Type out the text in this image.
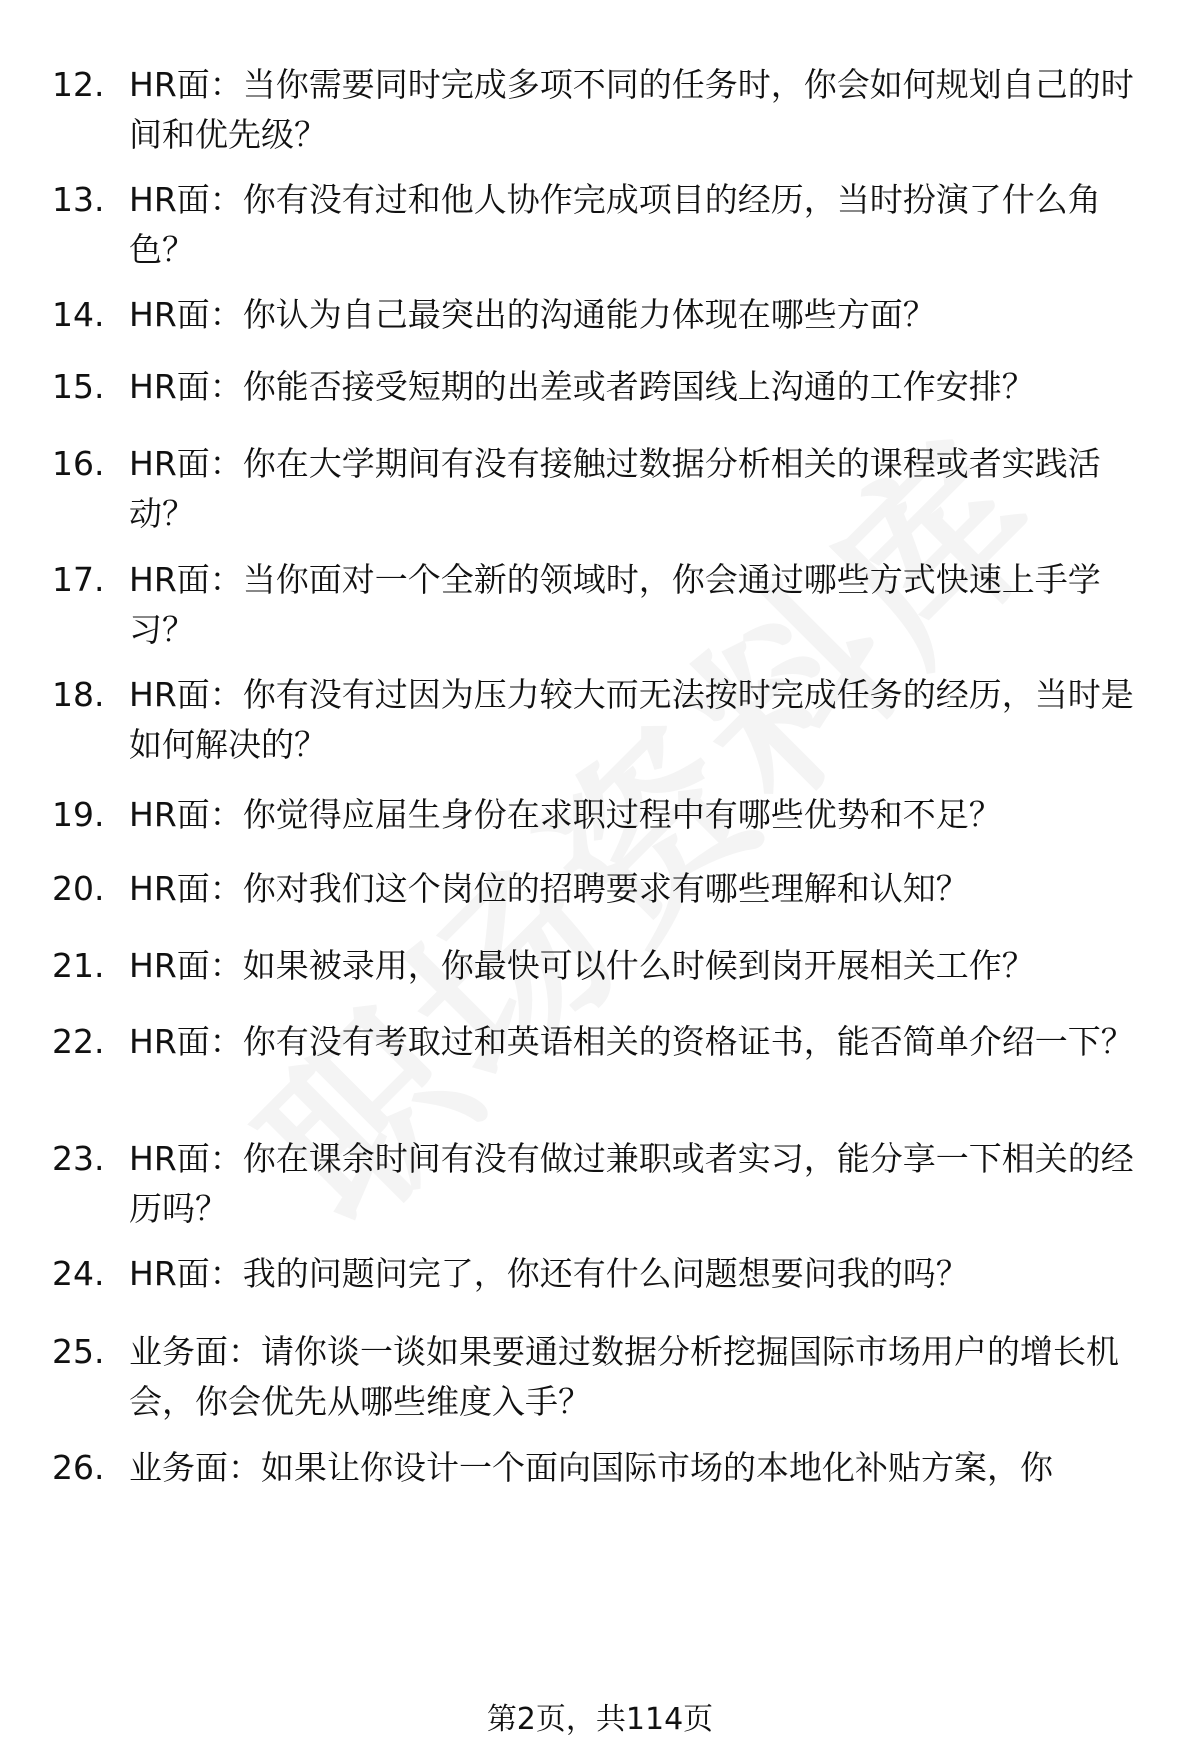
12. HR面：当你需要同时完成多项不同的任务时，你会如何规划自己的时间和优先级？
13. HR面：你有没有过和他人协作完成项目的经历，当时扮演了什么角色？
14. HR面：你认为自己最突出的沟通能力体现在哪些方面？
15. HR面：你能否接受短期的出差或者跨国线上沟通的工作安排？
16. HR面：你在大学期间有没有接触过数据分析相关的课程或者实践活动？
17. HR面：当你面对一个全新的领域时，你会通过哪些方式快速上手学习？
18. HR面：你有没有过因为压力较大而无法按时完成任务的经历，当时是如何解决的？
19. HR面：你觉得应届生身份在求职过程中有哪些优势和不足？
20. HR面：你对我们这个岗位的招聘要求有哪些理解和认知？
21. HR面：如果被录用，你最快可以什么时候到岗开展相关工作？
22. HR面：你有没有考取过和英语相关的资格证书，能否简单介绍一下？
23. HR面：你在课余时间有没有做过兼职或者实习，能分享一下相关的经历吗？
24. HR面：我的问题问完了，你还有什么问题想要问我的吗？
25. 业务面：请你谈一谈如果要通过数据分析挖掘国际市场用户的增长机会，你会优先从哪些维度入手？
26. 业务面：如果让你设计一个面向国际市场的本地化补贴方案，你
第2页，共114页
